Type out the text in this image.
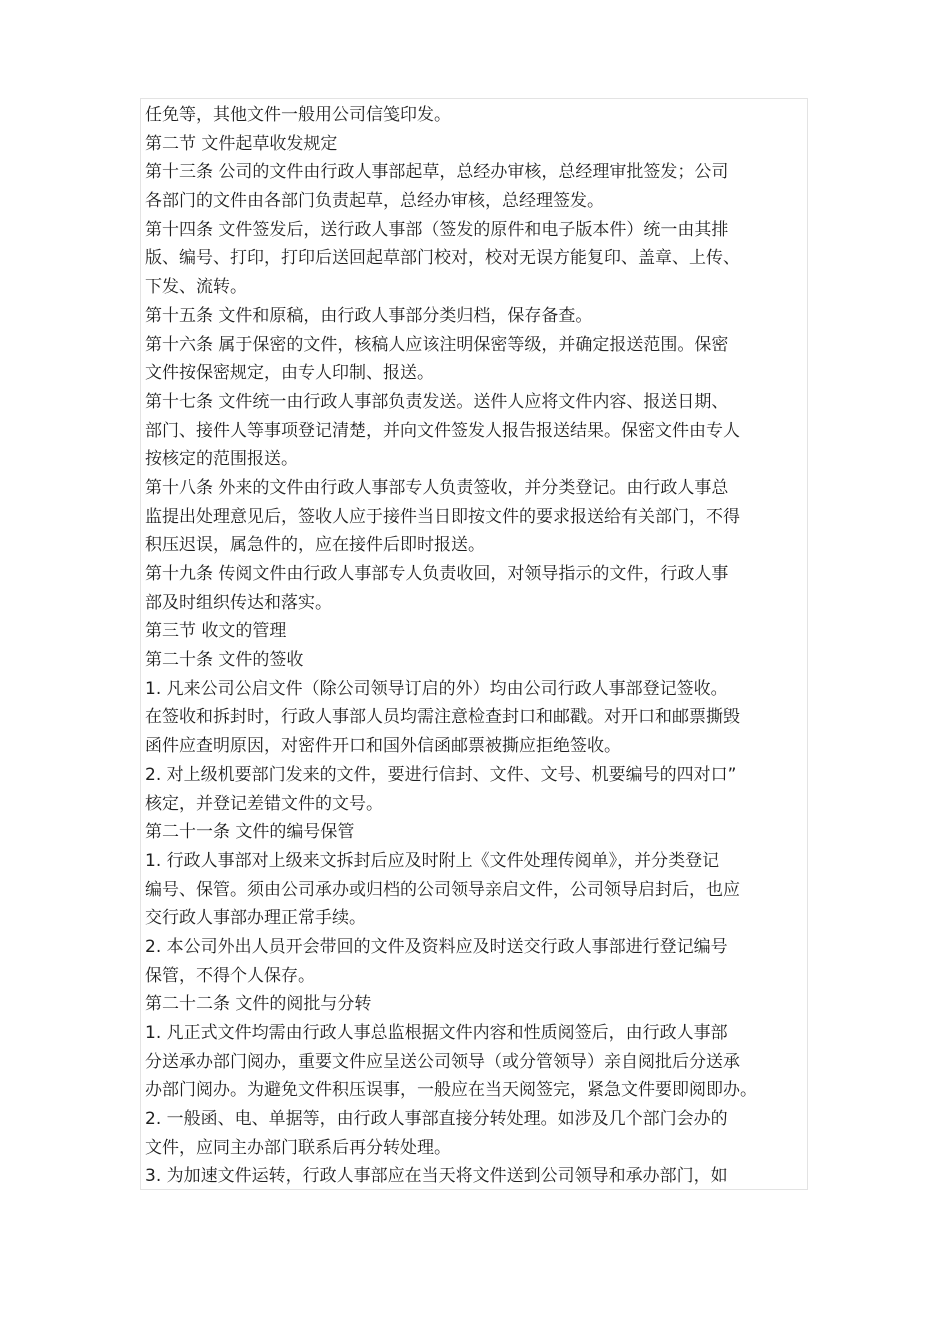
任免等，其他文件一般用公司信笺印发。
第二节 文件起草收发规定
第十三条 公司的文件由行政人事部起草，总经办审核，总经理审批签发；公司
各部门的文件由各部门负责起草，总经办审核，总经理签发。
第十四条 文件签发后，送行政人事部（签发的原件和电子版本件）统一由其排
版、编号、打印，打印后送回起草部门校对，校对无误方能复印、盖章、上传、
下发、流转。
第十五条 文件和原稿，由行政人事部分类归档，保存备查。
第十六条 属于保密的文件，核稿人应该注明保密等级，并确定报送范围。保密
文件按保密规定，由专人印制、报送。
第十七条 文件统一由行政人事部负责发送。送件人应将文件内容、报送日期、
部门、接件人等事项登记清楚，并向文件签发人报告报送结果。保密文件由专人
按核定的范围报送。
第十八条 外来的文件由行政人事部专人负责签收，并分类登记。由行政人事总
监提出处理意见后，签收人应于接件当日即按文件的要求报送给有关部门，不得
积压迟误，属急件的，应在接件后即时报送。
第十九条 传阅文件由行政人事部专人负责收回，对领导指示的文件，行政人事
部及时组织传达和落实。
第三节 收文的管理
第二十条 文件的签收
1. 凡来公司公启文件（除公司领导订启的外）均由公司行政人事部登记签收。
在签收和拆封时，行政人事部人员均需注意检查封口和邮戳。对开口和邮票撕毁
函件应查明原因，对密件开口和国外信函邮票被撕应拒绝签收。
2. 对上级机要部门发来的文件，要进行信封、文件、文号、机要编号的四对口”
核定，并登记差错文件的文号。
第二十一条 文件的编号保管
1. 行政人事部对上级来文拆封后应及时附上《文件处理传阅单》，并分类登记
编号、保管。须由公司承办或归档的公司领导亲启文件，公司领导启封后，也应
交行政人事部办理正常手续。
2. 本公司外出人员开会带回的文件及资料应及时送交行政人事部进行登记编号
保管，不得个人保存。
第二十二条 文件的阅批与分转
1. 凡正式文件均需由行政人事总监根据文件内容和性质阅签后，由行政人事部
分送承办部门阅办，重要文件应呈送公司领导（或分管领导）亲自阅批后分送承
办部门阅办。为避免文件积压误事，一般应在当天阅签完，紧急文件要即阅即办。
2. 一般函、电、单据等，由行政人事部直接分转处理。如涉及几个部门会办的
文件，应同主办部门联系后再分转处理。
3. 为加速文件运转，行政人事部应在当天将文件送到公司领导和承办部门，如
